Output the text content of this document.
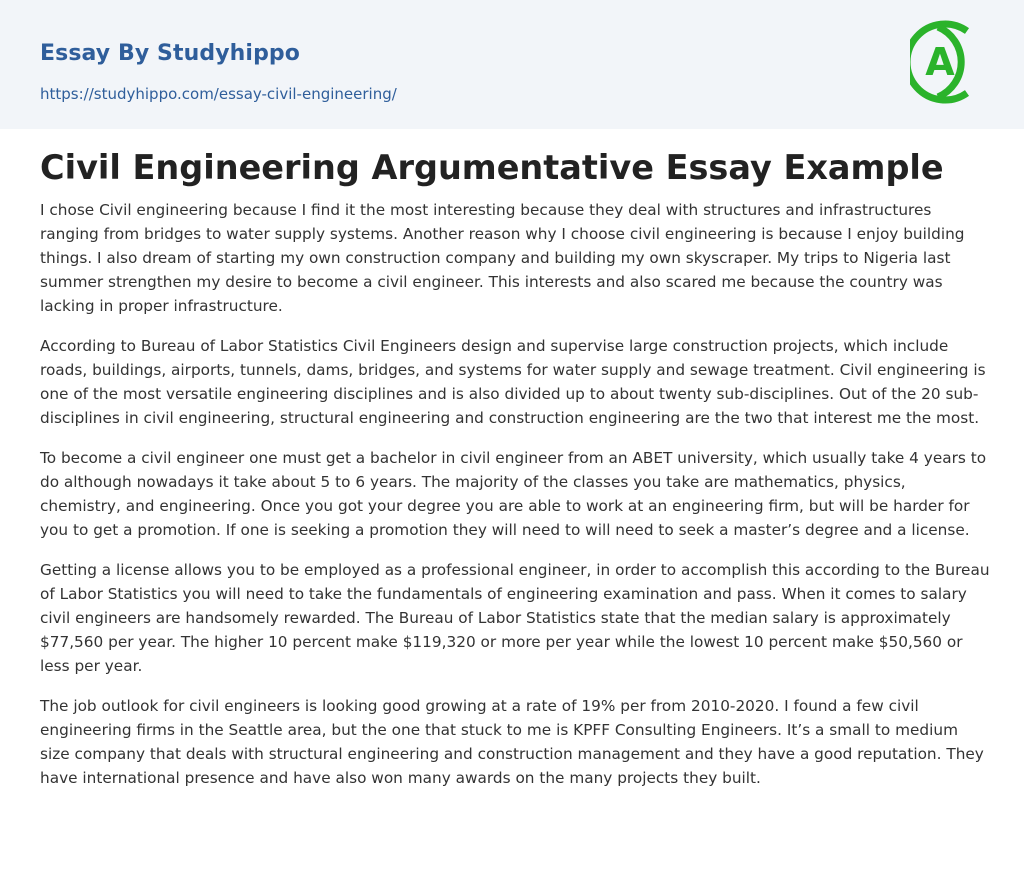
Essay By Studyhippo
https://studyhippo.com/essay-civil-engineering/
A
Civil Engineering Argumentative Essay Example

I chose Civil engineering because I find it the most interesting because they deal with structures and infrastructures ranging from bridges to water supply systems. Another reason why I choose civil engineering is because I enjoy building things. I also dream of starting my own construction company and building my own skyscraper. My trips to Nigeria last summer strengthen my desire to become a civil engineer. This interests and also scared me because the country was lacking in proper infrastructure.

According to Bureau of Labor Statistics Civil Engineers design and supervise large construction projects, which include roads, buildings, airports, tunnels, dams, bridges, and systems for water supply and sewage treatment. Civil engineering is one of the most versatile engineering disciplines and is also divided up to about twenty sub-disciplines. Out of the 20 sub-disciplines in civil engineering, structural engineering and construction engineering are the two that interest me the most.

To become a civil engineer one must get a bachelor in civil engineer from an ABET university, which usually take 4 years to do although nowadays it take about 5 to 6 years. The majority of the classes you take are mathematics, physics, chemistry, and engineering. Once you got your degree you are able to work at an engineering firm, but will be harder for you to get a promotion. If one is seeking a promotion they will need to will need to seek a master’s degree and a license.

Getting a license allows you to be employed as a professional engineer, in order to accomplish this according to the Bureau of Labor Statistics you will need to take the fundamentals of engineering examination and pass. When it comes to salary civil engineers are handsomely rewarded. The Bureau of Labor Statistics state that the median salary is approximately $77,560 per year. The higher 10 percent make $119,320 or more per year while the lowest 10 percent make $50,560 or less per year.

The job outlook for civil engineers is looking good growing at a rate of 19% per from 2010-2020. I found a few civil engineering firms in the Seattle area, but the one that stuck to me is KPFF Consulting Engineers. It’s a small to medium size company that deals with structural engineering and construction management and they have a good reputation. They have international presence and have also won many awards on the many projects they built.
